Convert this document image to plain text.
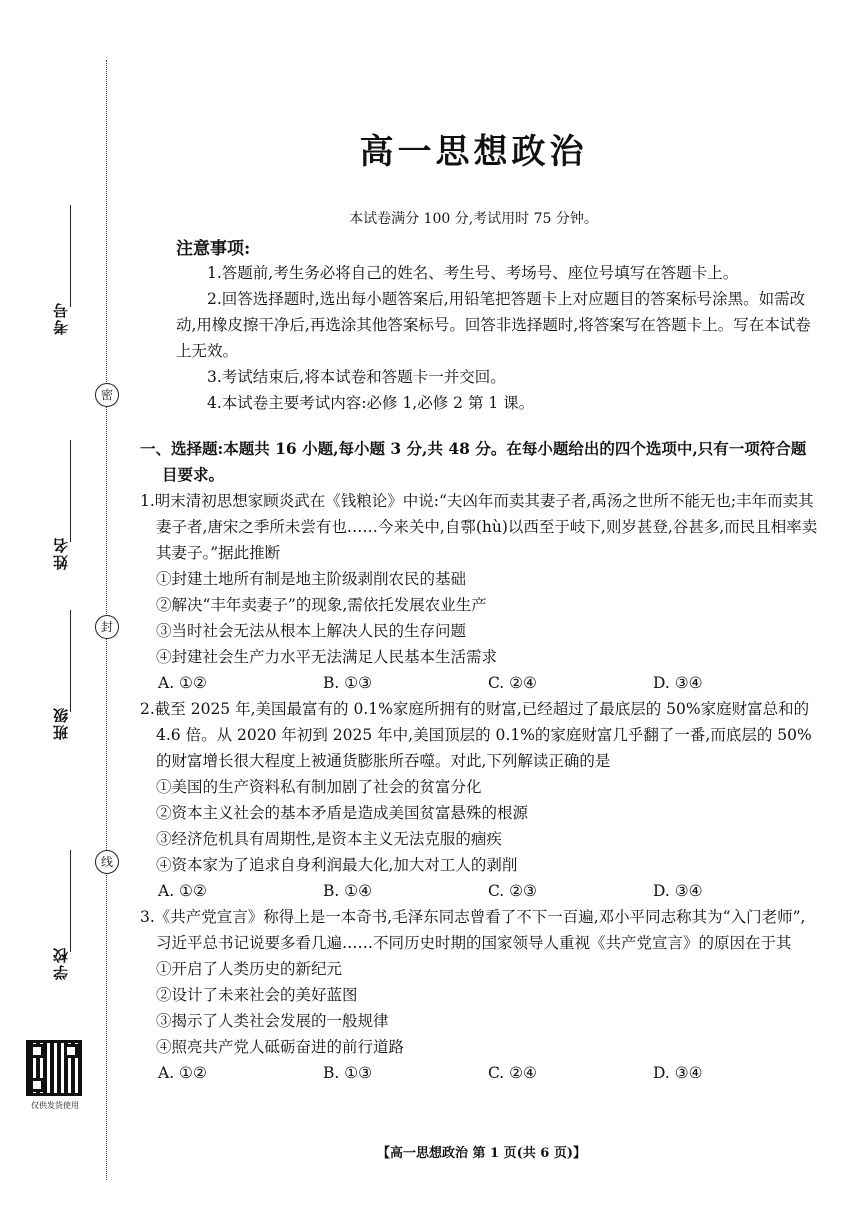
考号
姓名
班级
学校
密
封
线
仅供发货使用
高一思想政治
本试卷满分 100 分,考试用时 75 分钟。
注意事项:
1.答题前,考生务必将自己的姓名、考生号、考场号、座位号填写在答题卡上。
2.回答选择题时,选出每小题答案后,用铅笔把答题卡上对应题目的答案标号涂黑。如需改动,用橡皮擦干净后,再选涂其他答案标号。回答非选择题时,将答案写在答题卡上。写在本试卷上无效。
3.考试结束后,将本试卷和答题卡一并交回。
4.本试卷主要考试内容:必修 1,必修 2 第 1 课。
一、选择题:本题共 16 小题,每小题 3 分,共 48 分。在每小题给出的四个选项中,只有一项符合题目要求。
1.明末清初思想家顾炎武在《钱粮论》中说:“夫凶年而卖其妻子者,禹汤之世所不能无也;丰年而卖其妻子者,唐宋之季所未尝有也……今来关中,自鄠(hù)以西至于岐下,则岁甚登,谷甚多,而民且相率卖其妻子。”据此推断
①封建土地所有制是地主阶级剥削农民的基础
②解决“丰年卖妻子”的现象,需依托发展农业生产
③当时社会无法从根本上解决人民的生存问题
④封建社会生产力水平无法满足人民基本生活需求
A. ①②	B. ①③	C. ②④	D. ③④
2.截至 2025 年,美国最富有的 0.1%家庭所拥有的财富,已经超过了最底层的 50%家庭财富总和的 4.6 倍。从 2020 年初到 2025 年中,美国顶层的 0.1%的家庭财富几乎翻了一番,而底层的 50%的财富增长很大程度上被通货膨胀所吞噬。对此,下列解读正确的是
①美国的生产资料私有制加剧了社会的贫富分化
②资本主义社会的基本矛盾是造成美国贫富悬殊的根源
③经济危机具有周期性,是资本主义无法克服的痼疾
④资本家为了追求自身利润最大化,加大对工人的剥削
A. ①②	B. ①④	C. ②③	D. ③④
3.《共产党宣言》称得上是一本奇书,毛泽东同志曾看了不下一百遍,邓小平同志称其为“入门老师”,习近平总书记说要多看几遍……不同历史时期的国家领导人重视《共产党宣言》的原因在于其
①开启了人类历史的新纪元
②设计了未来社会的美好蓝图
③揭示了人类社会发展的一般规律
④照亮共产党人砥砺奋进的前行道路
A. ①②	B. ①③	C. ②④	D. ③④
【高一思想政治 第 1 页(共 6 页)】
